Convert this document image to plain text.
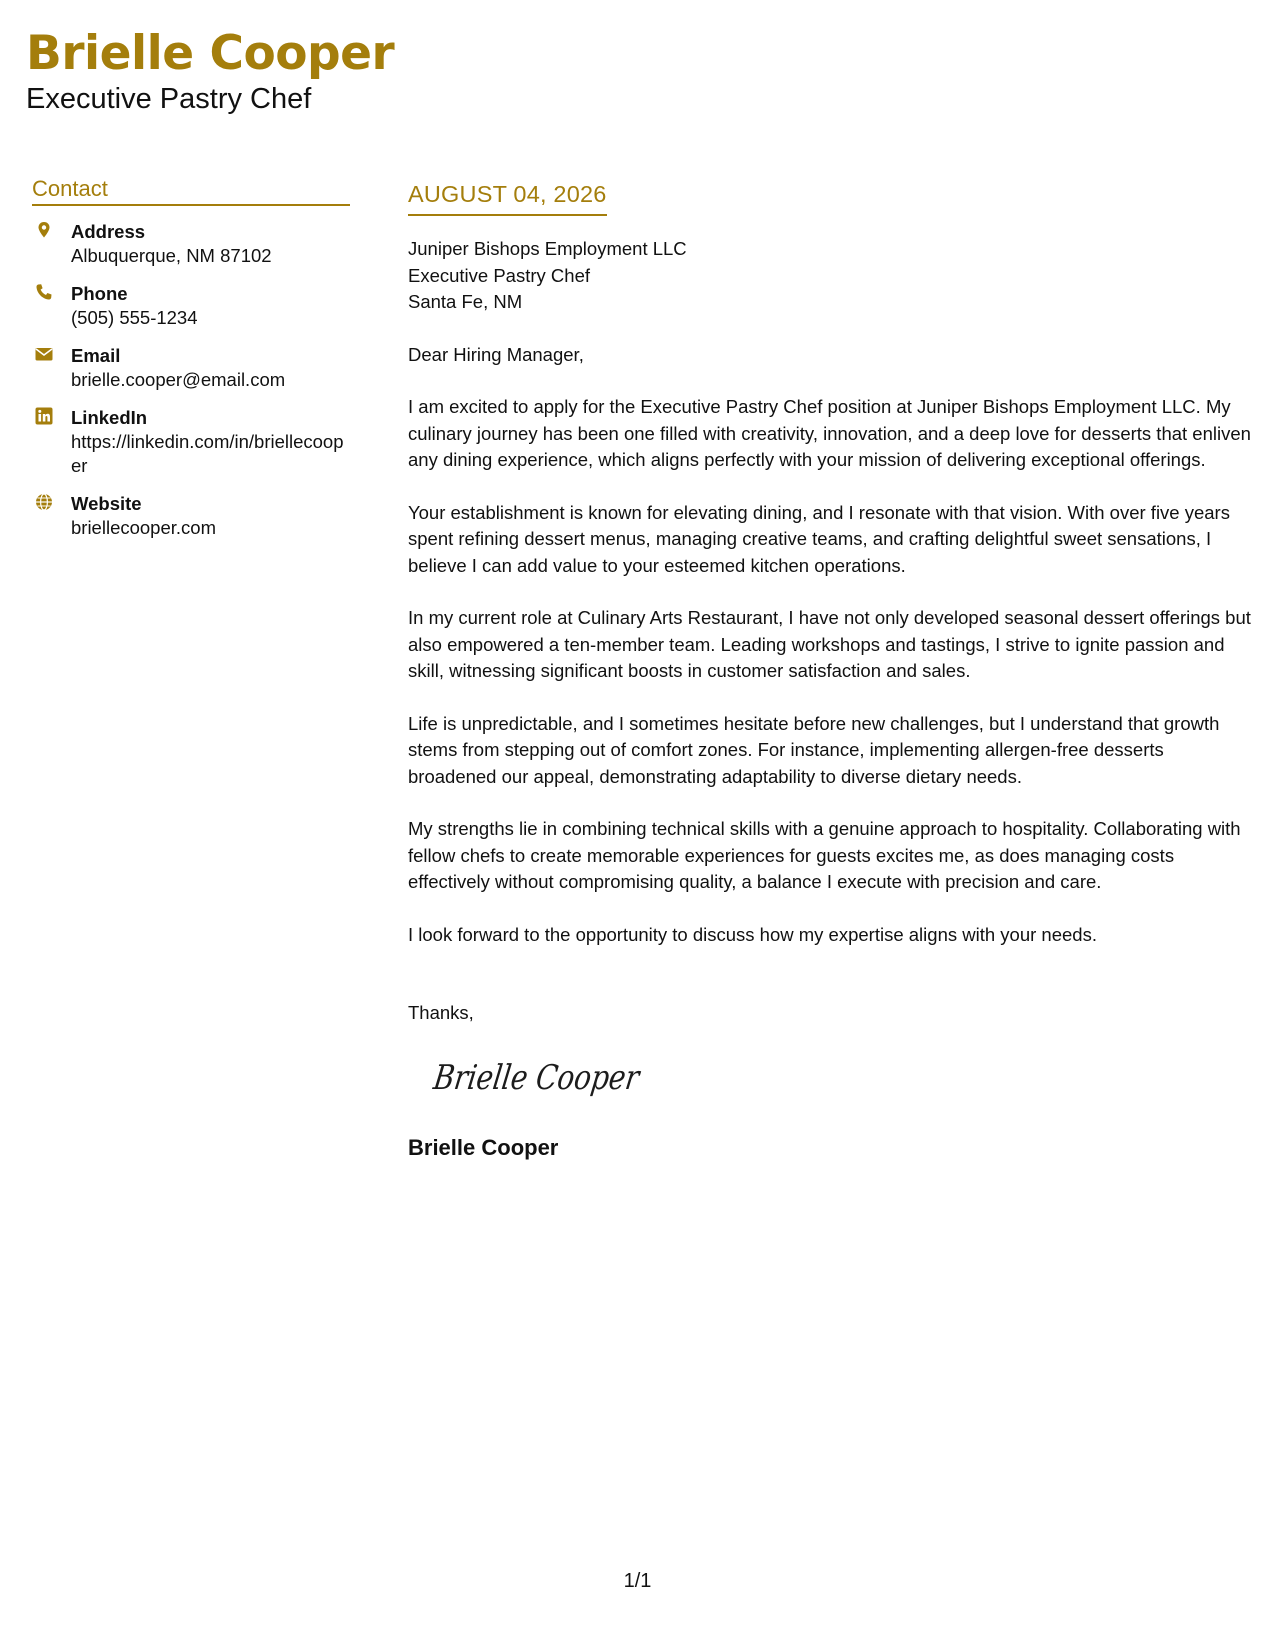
Brielle Cooper
Executive Pastry Chef
Contact
Address
Albuquerque, NM 87102
Phone
(505) 555-1234
Email
brielle.cooper@email.com
LinkedIn
https://linkedin.com/in/briellecooper
Website
briellecooper.com
AUGUST 04, 2026
Juniper Bishops Employment LLC
Executive Pastry Chef
Santa Fe, NM
Dear Hiring Manager,
I am excited to apply for the Executive Pastry Chef position at Juniper Bishops Employment LLC. My culinary journey has been one filled with creativity, innovation, and a deep love for desserts that enliven any dining experience, which aligns perfectly with your mission of delivering exceptional offerings.
Your establishment is known for elevating dining, and I resonate with that vision. With over five years spent refining dessert menus, managing creative teams, and crafting delightful sweet sensations, I believe I can add value to your esteemed kitchen operations.
In my current role at Culinary Arts Restaurant, I have not only developed seasonal dessert offerings but also empowered a ten-member team. Leading workshops and tastings, I strive to ignite passion and skill, witnessing significant boosts in customer satisfaction and sales.
Life is unpredictable, and I sometimes hesitate before new challenges, but I understand that growth stems from stepping out of comfort zones. For instance, implementing allergen-free desserts broadened our appeal, demonstrating adaptability to diverse dietary needs.
My strengths lie in combining technical skills with a genuine approach to hospitality. Collaborating with fellow chefs to create memorable experiences for guests excites me, as does managing costs effectively without compromising quality, a balance I execute with precision and care.
I look forward to the opportunity to discuss how my expertise aligns with your needs.
Thanks,
Brielle Cooper
Brielle Cooper
1/1
